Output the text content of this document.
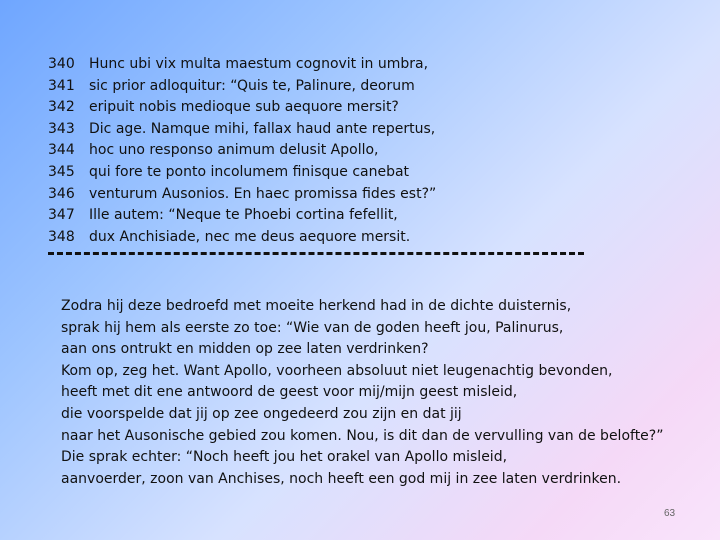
340	Hunc ubi vix multa maestum cognovit in umbra,
341	sic prior adloquitur: “Quis te, Palinure, deorum
342	eripuit nobis medioque sub aequore mersit?
343	Dic age. Namque mihi, fallax haud ante repertus,
344	hoc uno responso animum delusit Apollo,
345	qui fore te ponto incolumem finisque canebat
346	venturum Ausonios. En haec promissa fides est?”
347	Ille autem: “Neque te Phoebi cortina fefellit,
348	dux Anchisiade, nec me deus aequore mersit.
Zodra hij deze bedroefd met moeite herkend had in de dichte duisternis,
sprak hij hem als eerste zo toe: “Wie van de goden heeft jou, Palinurus,
aan ons ontrukt en midden op zee laten verdrinken?
Kom op, zeg het. Want Apollo, voorheen absoluut niet leugenachtig bevonden,
heeft met dit ene antwoord de geest voor mij/mijn geest misleid,
die voorspelde dat jij op zee ongedeerd zou zijn en dat jij
naar het Ausonische gebied zou komen. Nou, is dit dan de vervulling van de belofte?”
Die sprak echter: “Noch heeft jou het orakel van Apollo misleid,
aanvoerder, zoon van Anchises, noch heeft een god mij in zee laten verdrinken.
63
